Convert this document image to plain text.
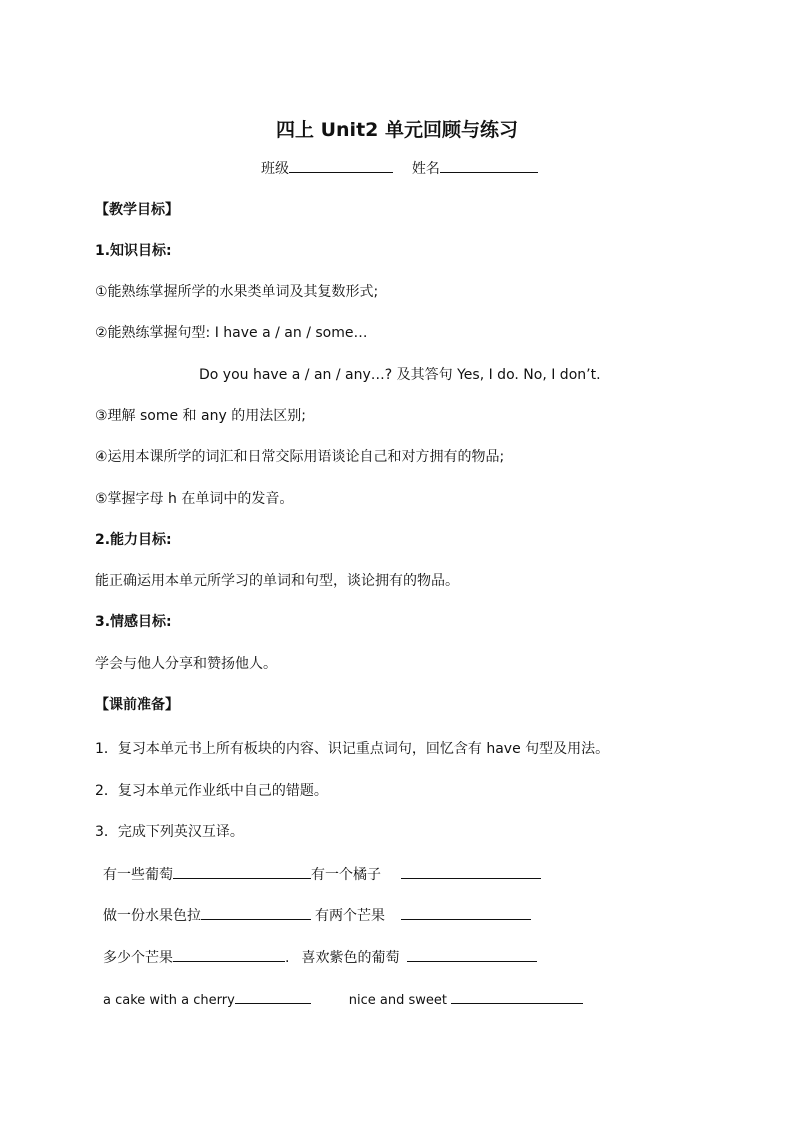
四上 Unit2 单元回顾与练习
班级	姓名
【教学目标】
1.知识目标:
①能熟练掌握所学的水果类单词及其复数形式;
②能熟练掌握句型: I have a / an / some…
Do you have a / an / any…? 及其答句 Yes, I do. No, I don’t.
③理解 some 和 any 的用法区别;
④运用本课所学的词汇和日常交际用语谈论自己和对方拥有的物品;
⑤掌握字母 h 在单词中的发音。
2.能力目标:
能正确运用本单元所学习的单词和句型，谈论拥有的物品。
3.情感目标:
学会与他人分享和赞扬他人。
【课前准备】
1．复习本单元书上所有板块的内容、识记重点词句，回忆含有 have 句型及用法。
2．复习本单元作业纸中自己的错题。
3．完成下列英汉互译。
有一些葡萄	有一个橘子
做一份水果色拉	有两个芒果
多少个芒果	. 喜欢紫色的葡萄
a cake with a cherry	nice and sweet
